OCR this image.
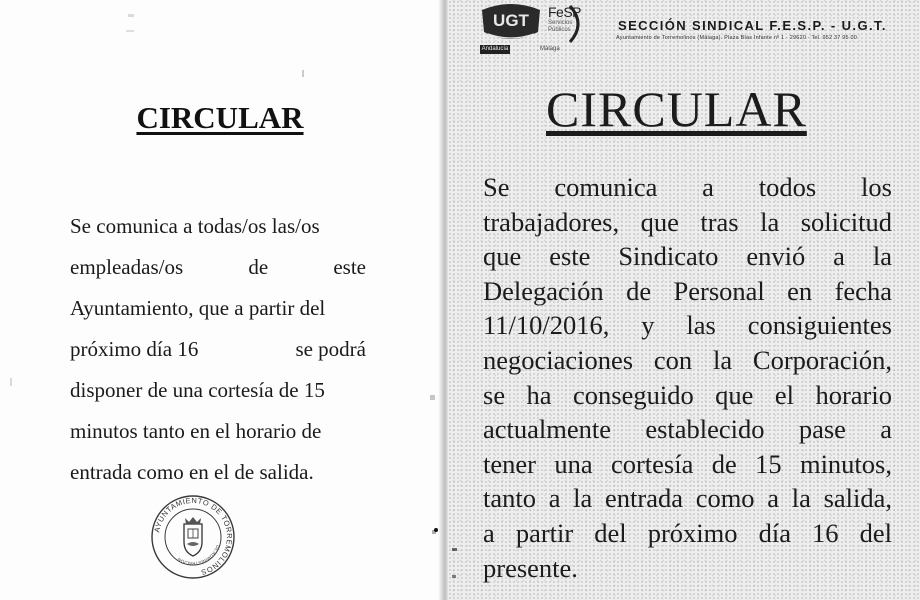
CIRCULAR
Se comunica a todas/os las/os
empleadas/os	de	este
Ayuntamiento, que a partir del
próximo día 16	se podrá
disponer de una cortesía de 15
minutos tanto en el horario de
entrada como en el de salida.
AYUNTAMIENTO DE TORREMOLINOS
DE ADMINISTRACIÓN
UGT FeSP
Servicios Públicos
Andalucía	Málaga
SECCIÓN SINDICAL F.E.S.P. - U.G.T.
Ayuntamiento de Torremolinos (Málaga). Plaza Blas Infante nº 1 · 29620 · Tel. 952 37 95 00
CIRCULAR
Se comunica a todos los
trabajadores, que tras la solicitud
que este Sindicato envió a la
Delegación de Personal en fecha
11/10/2016, y las consiguientes
negociaciones con la Corporación,
se ha conseguido que el horario
actualmente establecido pase a
tener una cortesía de 15 minutos,
tanto a la entrada como a la salida,
a partir del próximo día 16 del
presente.
